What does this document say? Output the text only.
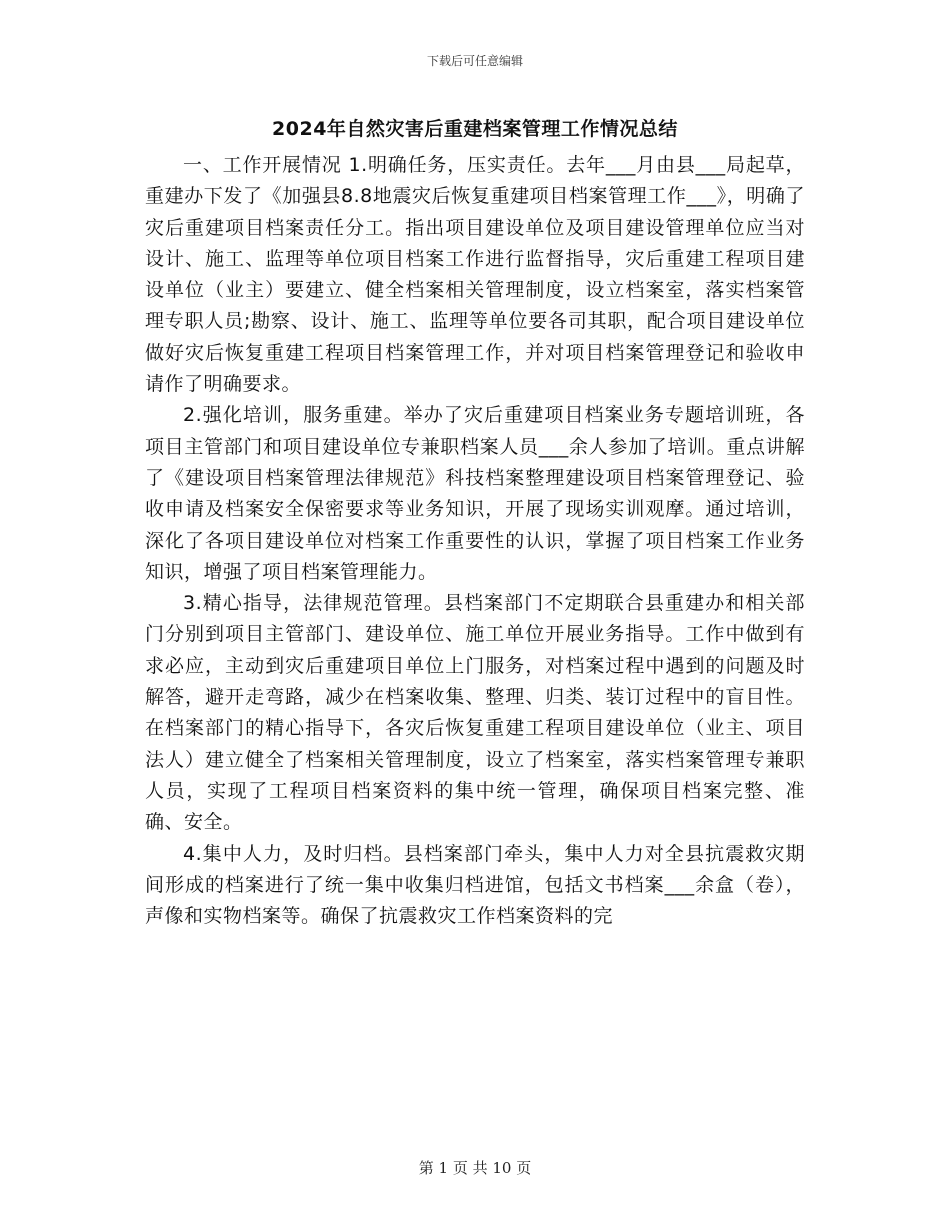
下载后可任意编辑
2024年自然灾害后重建档案管理工作情况总结

一、工作开展情况 1.明确任务，压实责任。去年___月由县___局起草，重建办下发了《加强县8.8地震灾后恢复重建项目档案管理工作___》，明确了灾后重建项目档案责任分工。指出项目建设单位及项目建设管理单位应当对设计、施工、监理等单位项目档案工作进行监督指导，灾后重建工程项目建设单位（业主）要建立、健全档案相关管理制度，设立档案室，落实档案管理专职人员;勘察、设计、施工、监理等单位要各司其职，配合项目建设单位做好灾后恢复重建工程项目档案管理工作，并对项目档案管理登记和验收申请作了明确要求。

2.强化培训，服务重建。举办了灾后重建项目档案业务专题培训班，各项目主管部门和项目建设单位专兼职档案人员___余人参加了培训。重点讲解了《建设项目档案管理法律规范》科技档案整理建设项目档案管理登记、验收申请及档案安全保密要求等业务知识，开展了现场实训观摩。通过培训，深化了各项目建设单位对档案工作重要性的认识，掌握了项目档案工作业务知识，增强了项目档案管理能力。

3.精心指导，法律规范管理。县档案部门不定期联合县重建办和相关部门分别到项目主管部门、建设单位、施工单位开展业务指导。工作中做到有求必应，主动到灾后重建项目单位上门服务，对档案过程中遇到的问题及时解答，避开走弯路，减少在档案收集、整理、归类、装订过程中的盲目性。在档案部门的精心指导下，各灾后恢复重建工程项目建设单位（业主、项目法人）建立健全了档案相关管理制度，设立了档案室，落实档案管理专兼职人员，实现了工程项目档案资料的集中统一管理，确保项目档案完整、准确、安全。

4.集中人力，及时归档。县档案部门牵头，集中人力对全县抗震救灾期间形成的档案进行了统一集中收集归档进馆，包括文书档案___余盒（卷），声像和实物档案等。确保了抗震救灾工作档案资料的完

第 1 页 共 10 页
